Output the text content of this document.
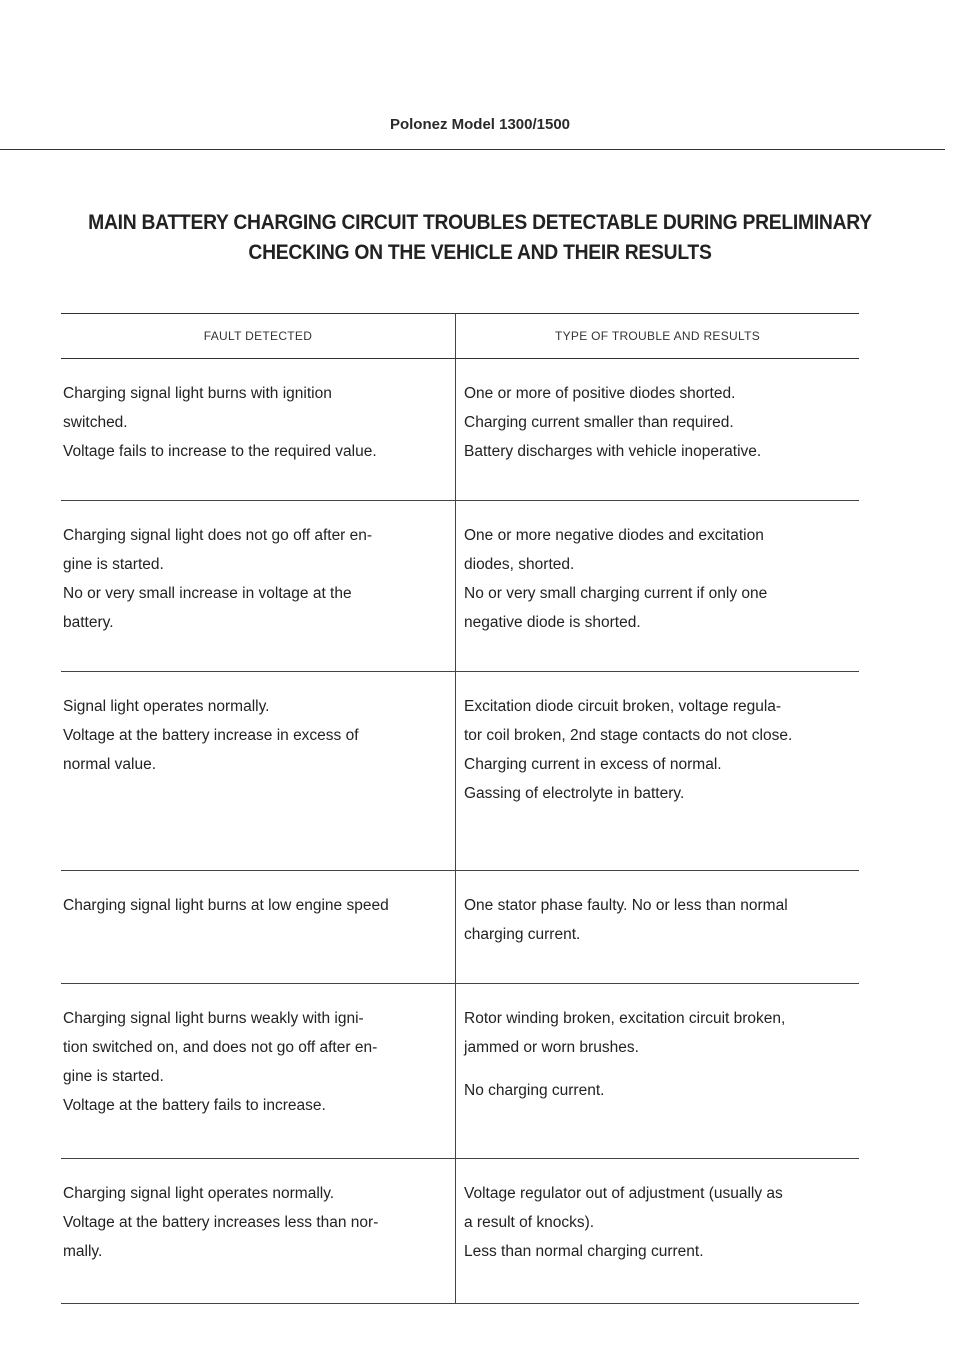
Polonez Model 1300/1500
MAIN BATTERY CHARGING CIRCUIT TROUBLES DETECTABLE DURING PRELIMINARY
CHECKING ON THE VEHICLE AND THEIR RESULTS
FAULT DETECTED	TYPE OF TROUBLE AND RESULTS

Charging signal light burns with ignition
switched.
Voltage fails to increase to the required value.	One or more of positive diodes shorted.
Charging current smaller than required.
Battery discharges with vehicle inoperative.

Charging signal light does not go off after en-
gine is started.
No or very small increase in voltage at the
battery.	One or more negative diodes and excitation
diodes, shorted.
No or very small charging current if only one
negative diode is shorted.

Signal light operates normally.
Voltage at the battery increase in excess of
normal value.	Excitation diode circuit broken, voltage regula-
tor coil broken, 2nd stage contacts do not close.
Charging current in excess of normal.
Gassing of electrolyte in battery.

Charging signal light burns at low engine speed	One stator phase faulty. No or less than normal
charging current.

Charging signal light burns weakly with igni-
tion switched on, and does not go off after en-
gine is started.
Voltage at the battery fails to increase.	Rotor winding broken, excitation circuit broken,
jammed or worn brushes.
No charging current.

Charging signal light operates normally.
Voltage at the battery increases less than nor-
mally.	Voltage regulator out of adjustment (usually as
a result of knocks).
Less than normal charging current.
